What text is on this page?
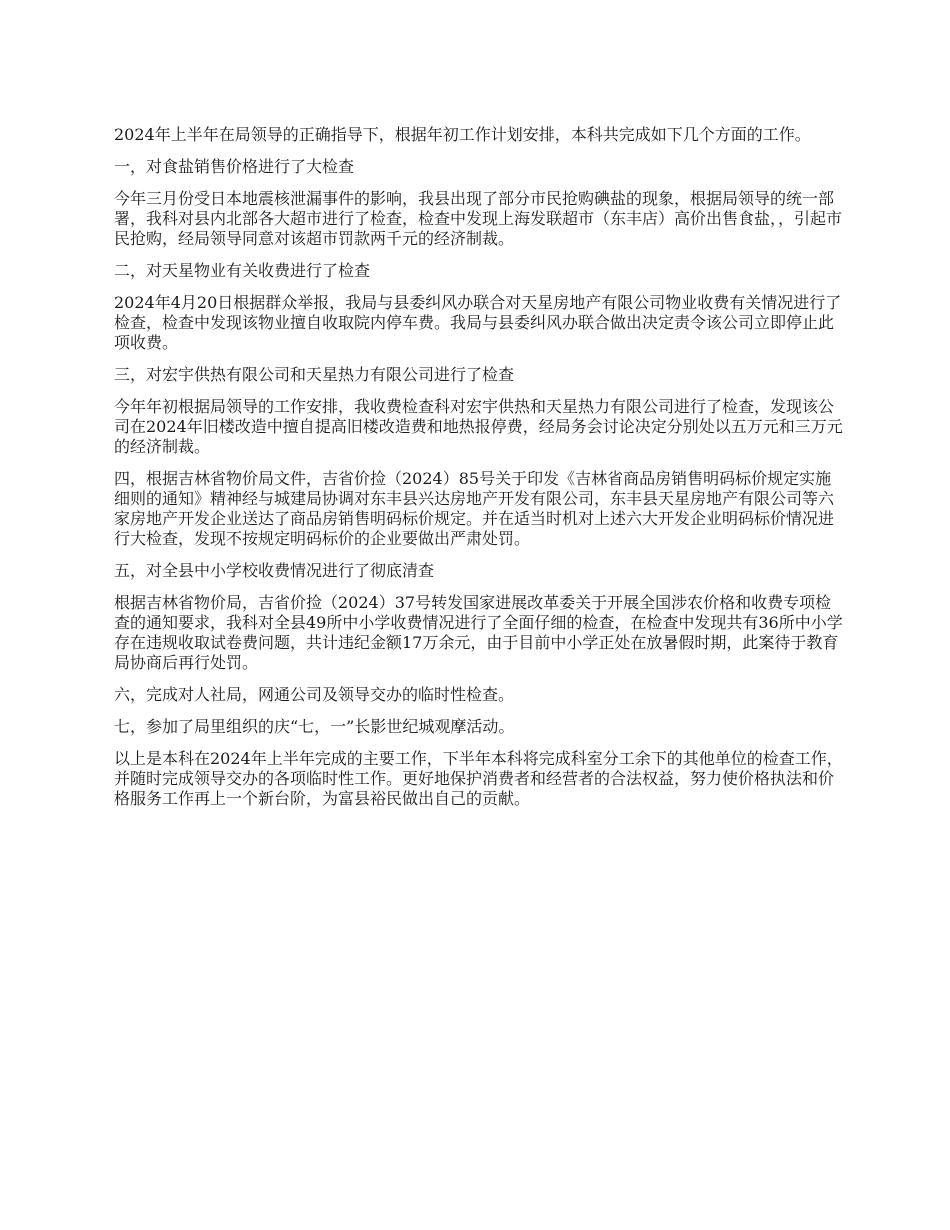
2024年上半年在局领导的正确指导下，根据年初工作计划安排，本科共完成如下几个方面的工作。

一，对食盐销售价格进行了大检查

今年三月份受日本地震核泄漏事件的影响，我县出现了部分市民抢购碘盐的现象，根据局领导的统一部署，我科对县内北部各大超市进行了检查，检查中发现上海发联超市（东丰店）高价出售食盐，，引起市民抢购，经局领导同意对该超市罚款两千元的经济制裁。

二，对天星物业有关收费进行了检查

2024年4月20日根据群众举报，我局与县委纠风办联合对天星房地产有限公司物业收费有关情况进行了检查，检查中发现该物业擅自收取院内停车费。我局与县委纠风办联合做出决定责令该公司立即停止此项收费。

三，对宏宇供热有限公司和天星热力有限公司进行了检查

今年年初根据局领导的工作安排，我收费检查科对宏宇供热和天星热力有限公司进行了检查，发现该公司在2024年旧楼改造中擅自提高旧楼改造费和地热报停费，经局务会讨论决定分别处以五万元和三万元的经济制裁。

四，根据吉林省物价局文件，吉省价捡（2024）85号关于印发《吉林省商品房销售明码标价规定实施细则的通知》精神经与城建局协调对东丰县兴达房地产开发有限公司，东丰县天星房地产有限公司等六家房地产开发企业送达了商品房销售明码标价规定。并在适当时机对上述六大开发企业明码标价情况进行大检查，发现不按规定明码标价的企业要做出严肃处罚。

五，对全县中小学校收费情况进行了彻底清查

根据吉林省物价局，吉省价捡（2024）37号转发国家进展改革委关于开展全国涉农价格和收费专项检查的通知要求，我科对全县49所中小学收费情况进行了全面仔细的检查，在检查中发现共有36所中小学存在违规收取试卷费问题，共计违纪金额17万余元，由于目前中小学正处在放暑假时期，此案待于教育局协商后再行处罚。

六，完成对人社局，网通公司及领导交办的临时性检查。

七，参加了局里组织的庆“七，一”长影世纪城观摩活动。

以上是本科在2024年上半年完成的主要工作，下半年本科将完成科室分工余下的其他单位的检查工作，并随时完成领导交办的各项临时性工作。更好地保护消费者和经营者的合法权益，努力使价格执法和价格服务工作再上一个新台阶，为富县裕民做出自己的贡献。
